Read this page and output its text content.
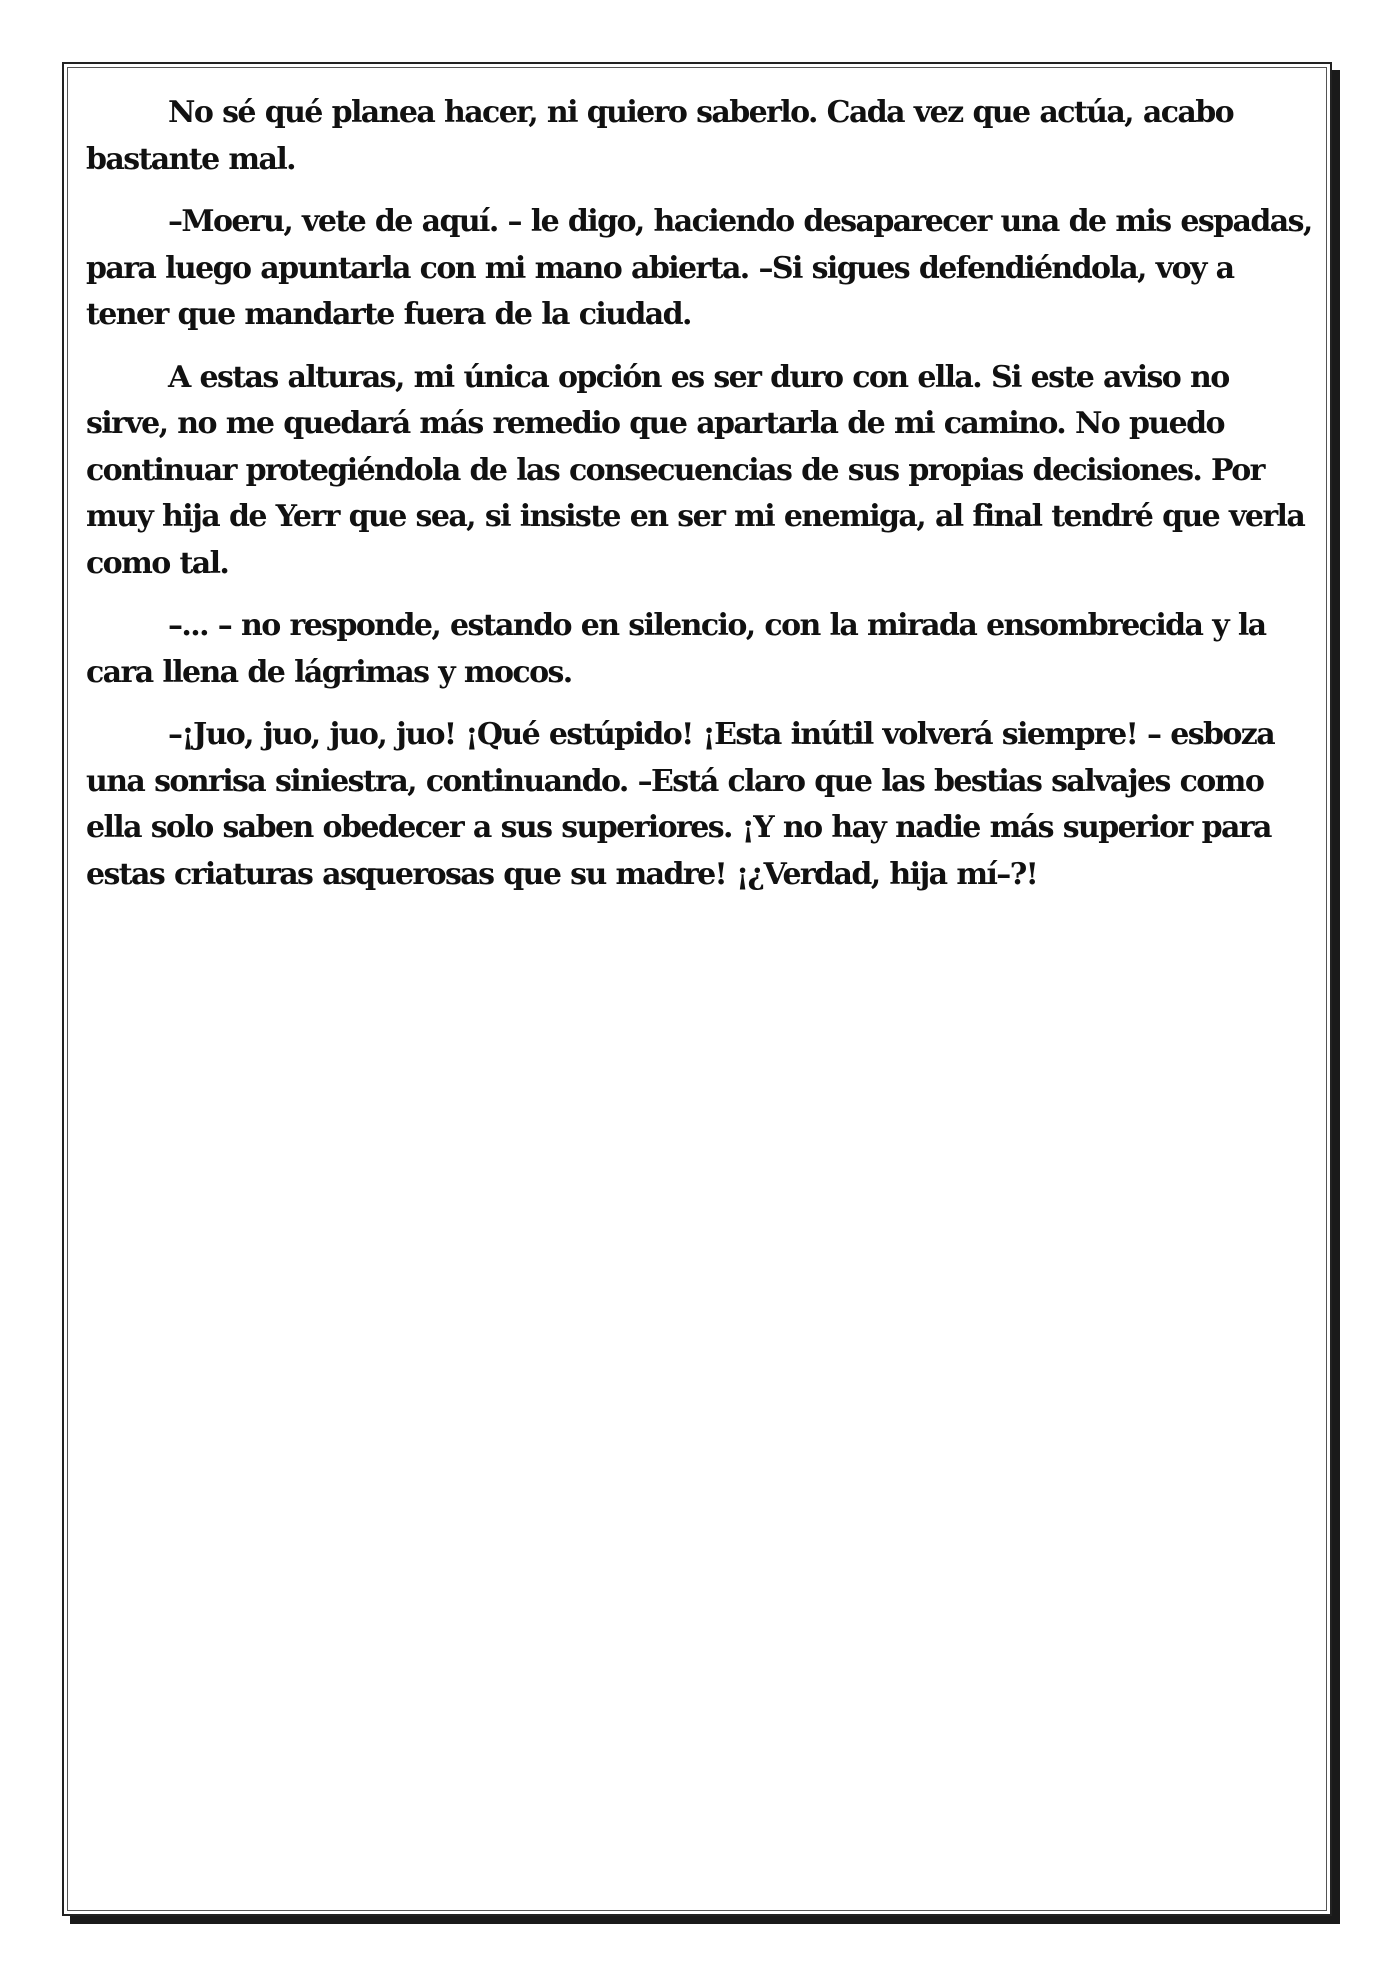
No sé qué planea hacer, ni quiero saberlo. Cada vez que actúa, acabo bastante mal.

–Moeru, vete de aquí. – le digo, haciendo desaparecer una de mis espadas, para luego apuntarla con mi mano abierta. –Si sigues defendiéndola, voy a tener que mandarte fuera de la ciudad.

A estas alturas, mi única opción es ser duro con ella. Si este aviso no sirve, no me quedará más remedio que apartarla de mi camino. No puedo continuar protegiéndola de las consecuencias de sus propias decisiones. Por muy hija de Yerr que sea, si insiste en ser mi enemiga, al final tendré que verla como tal.

–... – no responde, estando en silencio, con la mirada ensombrecida y la cara llena de lágrimas y mocos.

–¡Juo, juo, juo, juo! ¡Qué estúpido! ¡Esta inútil volverá siempre! – esboza una sonrisa siniestra, continuando. –Está claro que las bestias salvajes como ella solo saben obedecer a sus superiores. ¡Y no hay nadie más superior para estas criaturas asquerosas que su madre! ¡¿Verdad, hija mí–?!
